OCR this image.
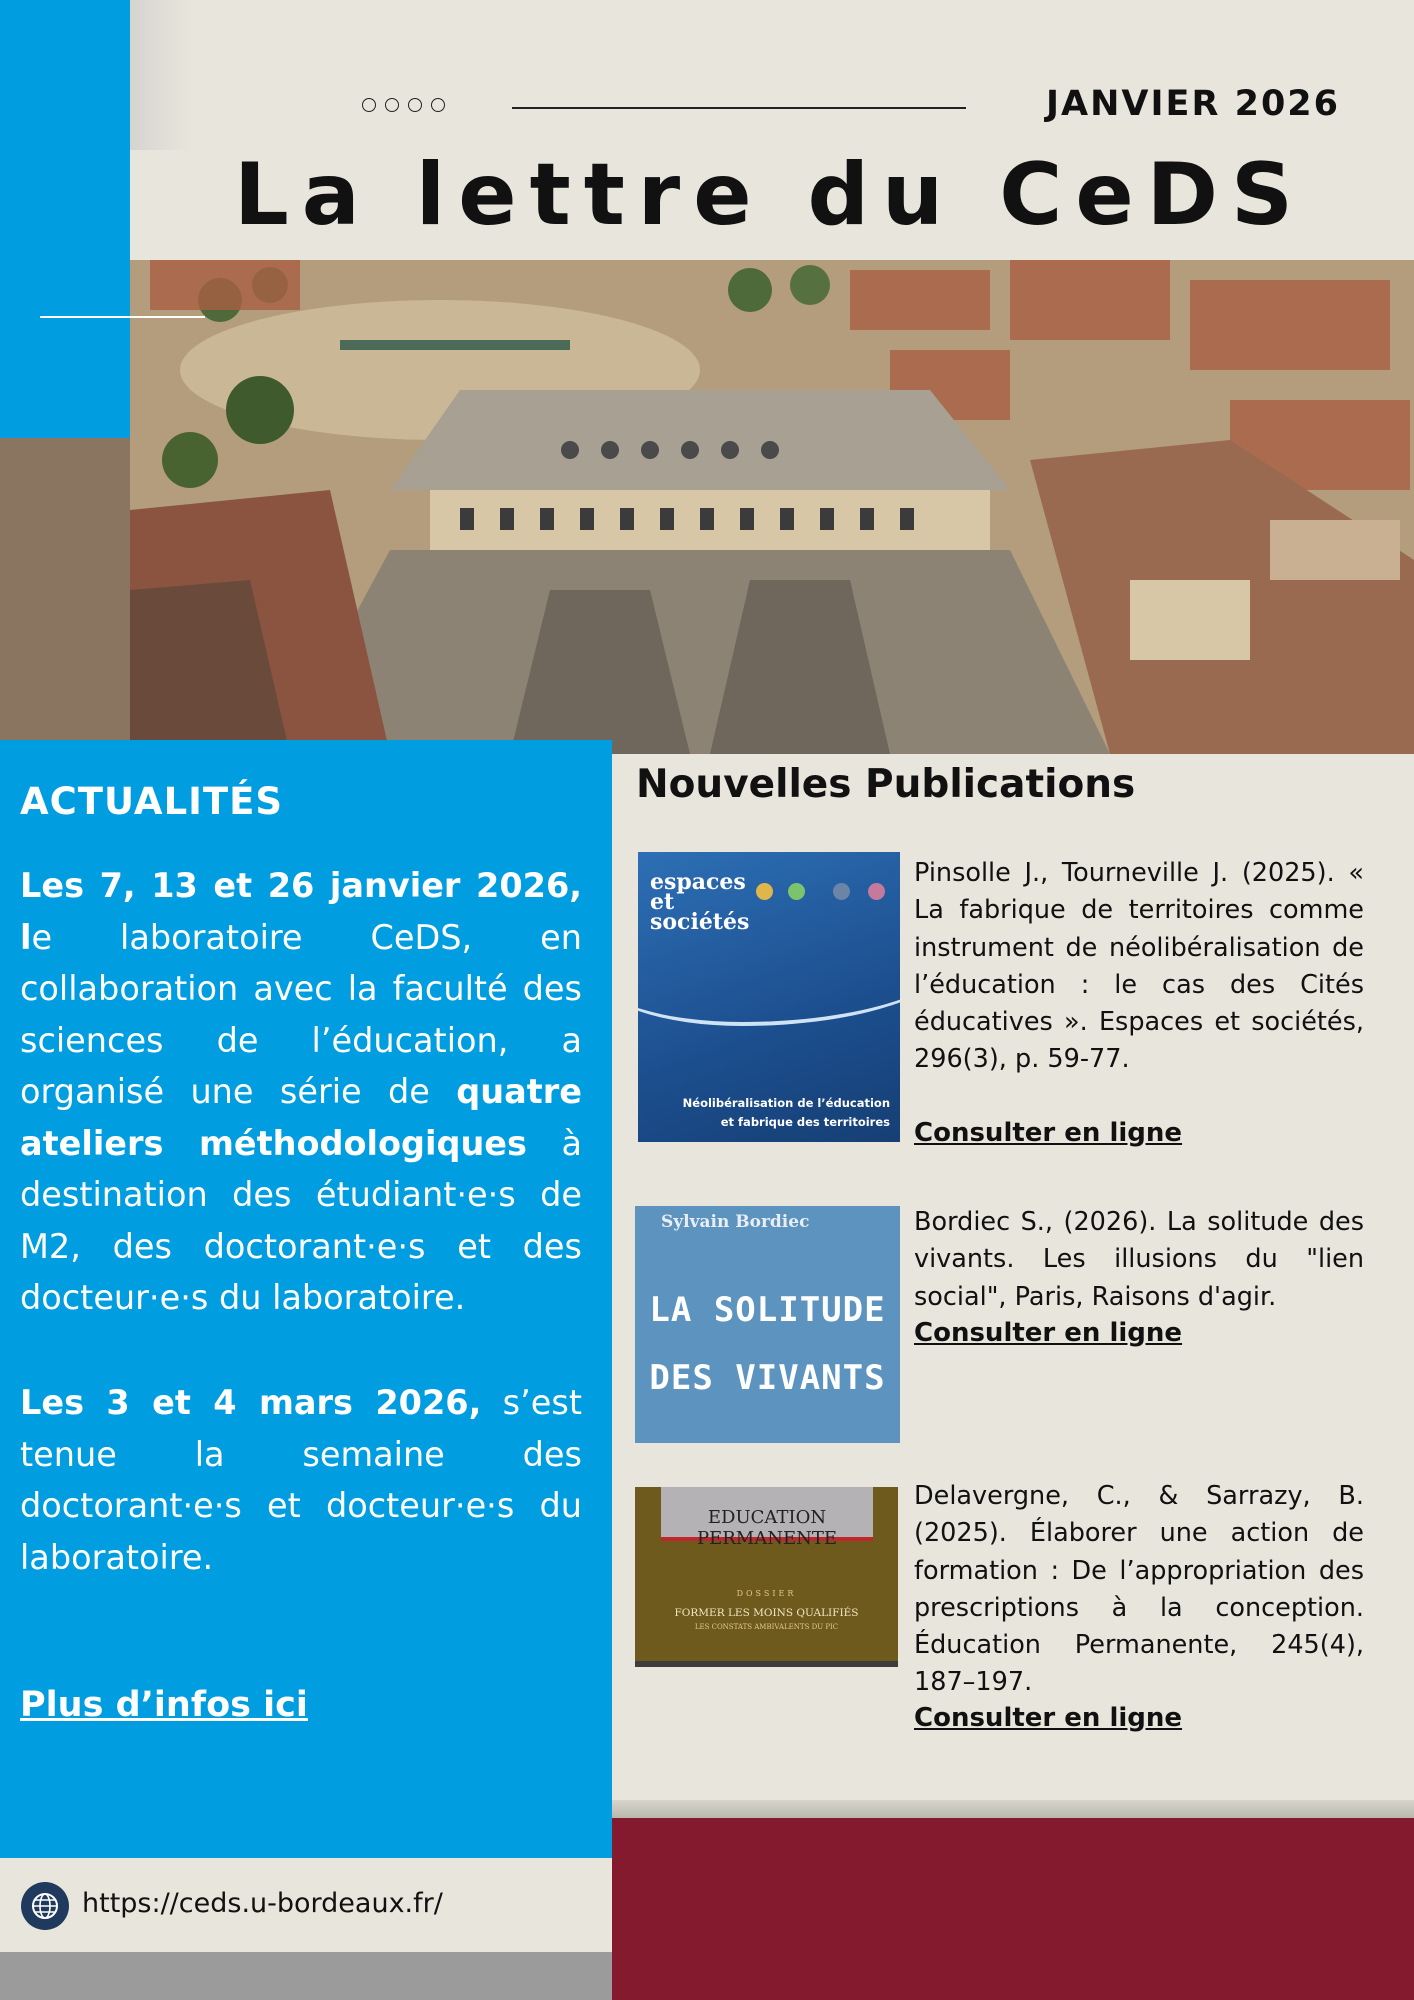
JANVIER 2026
La lettre du CeDS
ACTUALITÉS

Les 7, 13 et 26 janvier 2026, le laboratoire CeDS, en collaboration avec la faculté des sciences de l’éducation, a organisé une série de quatre ateliers méthodologiques à destination des étudiant·e·s de M2, des doctorant·e·s et des docteur·e·s du laboratoire.

Les 3 et 4 mars 2026, s’est tenue la semaine des doctorant·e·s et docteur·e·s du laboratoire.

Plus d’infos ici
https://ceds.u-bordeaux.fr/
Nouvelles Publications
espaces et sociétés
Néolibéralisation de l’éducation
et fabrique des territoires

Pinsolle J., Tourneville J. (2025). « La fabrique de territoires comme instrument de néolibéralisation de l’éducation : le cas des Cités éducatives ». Espaces et sociétés, 296(3), p. 59-77.

Consulter en ligne
Sylvain Bordiec
LA SOLITUDE
DES VIVANTS

Bordiec S., (2026). La solitude des vivants. Les illusions du "lien social", Paris, Raisons d'agir.

Consulter en ligne
EDUCATION PERMANENTE
DOSSIER
FORMER LES MOINS QUALIFIÉS
LES CONSTATS AMBIVALENTS DU PIC

Delavergne, C., & Sarrazy, B. (2025). Élaborer une action de formation : De l’appropriation des prescriptions à la conception. Éducation Permanente, 245(4), 187–197.

Consulter en ligne
